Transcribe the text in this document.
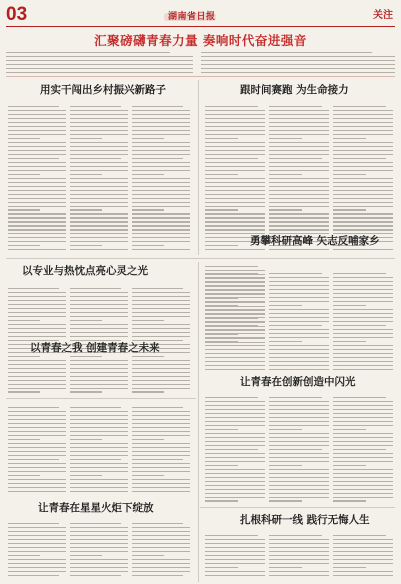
03	湖南省日报	关注
汇聚磅礴青春力量 奏响时代奋进强音
用实干闯出乡村振兴新路子	跟时间赛跑 为生命接力
以专业与热忱点亮心灵之光
勇攀科研高峰 矢志反哺家乡
以青春之我 创建青春之未来
让青春在创新创造中闪光
让青春在星星火炬下绽放
扎根科研一线 践行无悔人生
